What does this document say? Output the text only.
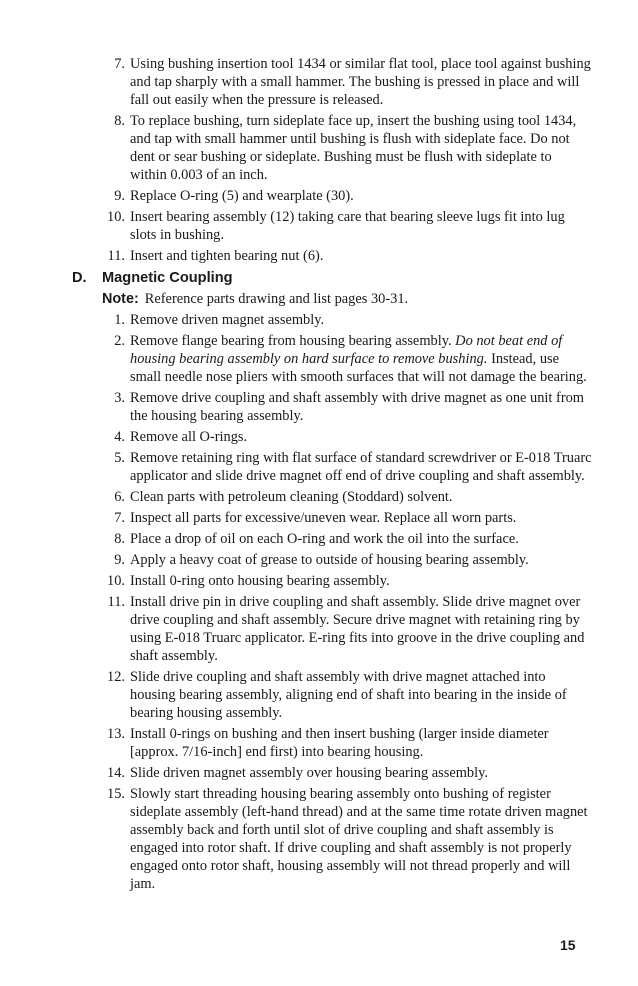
7. Using bushing insertion tool 1434 or similar flat tool, place tool against bushing and tap sharply with a small hammer. The bushing is pressed in place and will fall out easily when the pressure is released.
8. To replace bushing, turn sideplate face up, insert the bushing using tool 1434, and tap with small hammer until bushing is flush with sideplate face. Do not dent or sear bushing or sideplate. Bushing must be flush with sideplate to within 0.003 of an inch.
9. Replace O-ring (5) and wearplate (30).
10. Insert bearing assembly (12) taking care that bearing sleeve lugs fit into lug slots in bushing.
11. Insert and tighten bearing nut (6).
D. Magnetic Coupling
Note: Reference parts drawing and list pages 30-31.
1. Remove driven magnet assembly.
2. Remove flange bearing from housing bearing assembly. Do not beat end of housing bearing assembly on hard surface to remove bushing. Instead, use small needle nose pliers with smooth surfaces that will not damage the bearing.
3. Remove drive coupling and shaft assembly with drive magnet as one unit from the housing bearing assembly.
4. Remove all O-rings.
5. Remove retaining ring with flat surface of standard screwdriver or E-018 Truarc applicator and slide drive magnet off end of drive coupling and shaft assembly.
6. Clean parts with petroleum cleaning (Stoddard) solvent.
7. Inspect all parts for excessive/uneven wear. Replace all worn parts.
8. Place a drop of oil on each O-ring and work the oil into the surface.
9. Apply a heavy coat of grease to outside of housing bearing assembly.
10. Install 0-ring onto housing bearing assembly.
11. Install drive pin in drive coupling and shaft assembly. Slide drive magnet over drive coupling and shaft assembly. Secure drive magnet with retaining ring by using E-018 Truarc applicator. E-ring fits into groove in the drive coupling and shaft assembly.
12. Slide drive coupling and shaft assembly with drive magnet attached into housing bearing assembly, aligning end of shaft into bearing in the inside of bearing housing assembly.
13. Install 0-rings on bushing and then insert bushing (larger inside diameter [approx. 7/16-inch] end first) into bearing housing.
14. Slide driven magnet assembly over housing bearing assembly.
15. Slowly start threading housing bearing assembly onto bushing of register sideplate assembly (left-hand thread) and at the same time rotate driven magnet assembly back and forth until slot of drive coupling and shaft assembly is engaged into rotor shaft. If drive coupling and shaft assembly is not properly engaged onto rotor shaft, housing assembly will not thread properly and will jam.
15
